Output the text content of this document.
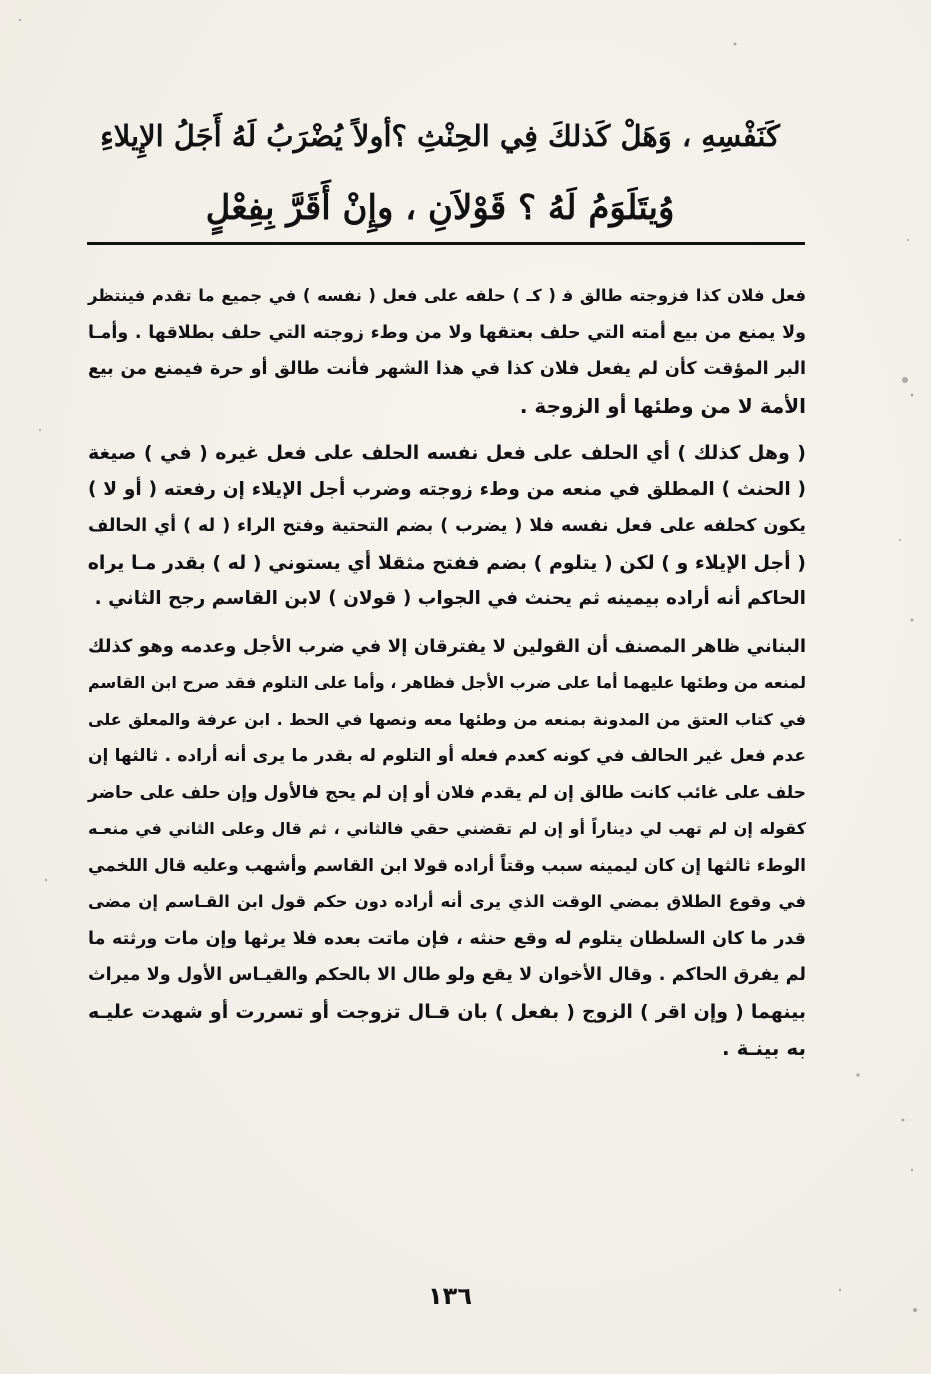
كَنَفْسِهِ ، وَهَلْ كَذلكَ فِي الحِنْثِ ؟أولاً يُضْرَبُ لَهُ أَجَلُ الإِيلاءِ
وُيتَلَوَمُ لَهُ ؟ قَوْلاَنِ ، وإِنْ أَقَرَّ بِفِعْلٍ

فعل فلان كذا فزوجته طالق ﻓ ( كـ ) حلفه على فعل ( نفسه ) في جميع ما تقدم فينتظر
ولا يمنع من بيع أمته التي حلف بعتقها ولا من وطء زوجته التي حلف بطلاقها . وأمـا
البر المؤقت كأن لم يفعل فلان كذا في هذا الشهر فأنت طالق أو حرة فيمنع من بيع
الأمة لا من وطئها أو الزوجة .

( وهل كذلك ) أي الحلف على فعل نفسه الحلف على فعل غيره ( في ) صيغة
( الحنث ) المطلق في منعه من وطء زوجته وضرب أجل الإيلاء إن رفعته ( أو لا )
يكون كحلفه على فعل نفسه فلا ( يضرب ) بضم التحتية وفتح الراء ( له ) أي الحالف
( أجل الإيلاء و ) لكن ( يتلوم ) بضم ففتح مثقلا أي يستوني ( له ) بقدر مـا يراه
الحاكم أنه أراده بيمينه ثم يحنث في الجواب ( قولان ) لابن القاسم رجح الثاني .

البناني ظاهر المصنف أن القولين لا يفترقان إلا في ضرب الأجل وعدمه وهو كذلك
لمنعه من وطئها عليهما أما على ضرب الأجل فظاهر ، وأما على التلوم فقد صرح ابن القاسم
في كتاب العتق من المدونة بمنعه من وطئها معه ونصها في الحط . ابن عرفة والمعلق على
عدم فعل غير الحالف في كونه كعدم فعله أو التلوم له بقدر ما يرى أنه أراده . ثالثها إن
حلف على غائب كانت طالق إن لم يقدم فلان أو إن لم يحج فالأول وإن حلف على حاضر
كقوله إن لم تهب لي ديناراً أو إن لم تقضني حقي فالثاني ، ثم قال وعلى الثاني في منعـه
الوطء ثالثها إن كان ليمينه سبب وقتاً أراده قولا ابن القاسم وأشهب وعليه قال اللخمي
في وقوع الطلاق بمضي الوقت الذي يرى أنه أراده دون حكم قول ابن القـاسم إن مضى
قدر ما كان السلطان يتلوم له وقع حنثه ، فإن ماتت بعده فلا يرثها وإن مات ورثته ما
لم يفرق الحاكم . وقال الأخوان لا يقع ولو طال الا بالحكم والقيـاس الأول ولا ميراث
بينهما ( وإن اقر ) الزوج ( بفعل ) بان قـال تزوجت أو تسررت أو شهدت عليـه
به بينـة .

١٣٦
